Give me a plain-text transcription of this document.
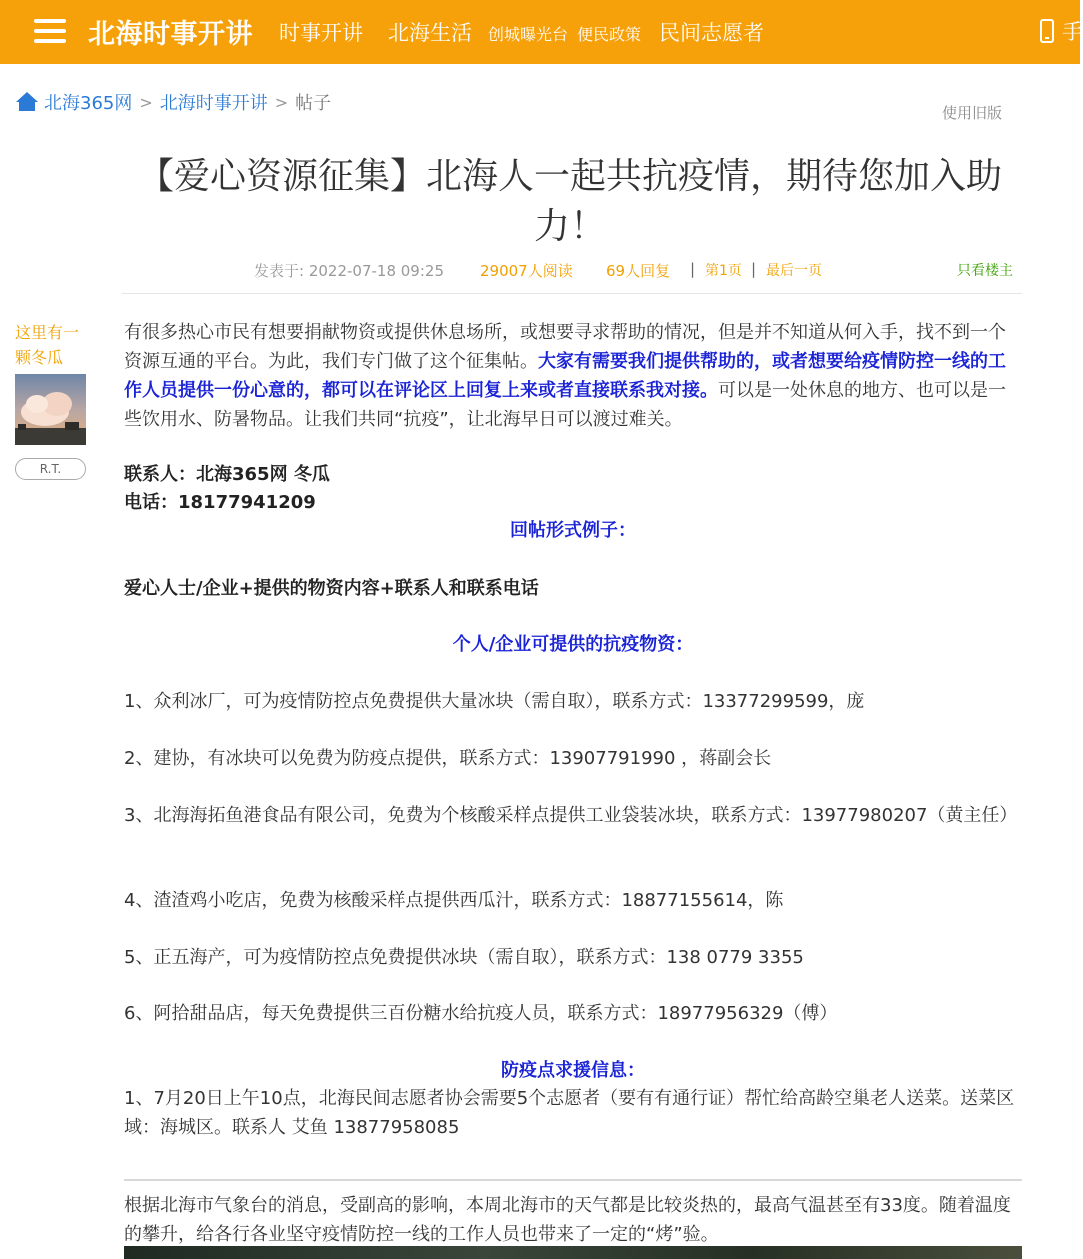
北海时事开讲 时事开讲 北海生活 创城曝光台 便民政策 民间志愿者	手
北海365网 > 北海时事开讲 > 帖子	使用旧版
【爱心资源征集】北海人一起共抗疫情，期待您加入助力！
发表于: 2022-07-18 09:25 29007人阅读 69人回复 | 第1页 | 最后一页	只看楼主
这里有一颗冬瓜
R.T.
有很多热心市民有想要捐献物资或提供休息场所，或想要寻求帮助的情况，但是并不知道从何入手，找不到一个资源互通的平台。为此，我们专门做了这个征集帖。大家有需要我们提供帮助的，或者想要给疫情防控一线的工作人员提供一份心意的，都可以在评论区上回复上来或者直接联系我对接。可以是一处休息的地方、也可以是一些饮用水、防暑物品。让我们共同“抗疫”，让北海早日可以渡过难关。
联系人：北海365网 冬瓜
电话：18177941209
回帖形式例子：
爱心人士/企业+提供的物资内容+联系人和联系电话
个人/企业可提供的抗疫物资：
1、众利冰厂，可为疫情防控点免费提供大量冰块（需自取），联系方式：13377299599，庞
2、建协，有冰块可以免费为防疫点提供，联系方式：13907791990 ，蒋副会长
3、北海海拓鱼港食品有限公司，免费为个核酸采样点提供工业袋装冰块，联系方式：13977980207（黄主任）
4、渣渣鸡小吃店，免费为核酸采样点提供西瓜汁，联系方式：18877155614，陈
5、正五海产，可为疫情防控点免费提供冰块（需自取），联系方式：138 0779 3355
6、阿拾甜品店，每天免费提供三百份糖水给抗疫人员，联系方式：18977956329（傅）
防疫点求援信息：
1、7月20日上午10点，北海民间志愿者协会需要5个志愿者（要有有通行证）帮忙给高龄空巢老人送菜。送菜区域：海城区。联系人 艾鱼 13877958085
根据北海市气象台的消息，受副高的影响，本周北海市的天气都是比较炎热的，最高气温甚至有33度。随着温度的攀升，给各行各业坚守疫情防控一线的工作人员也带来了一定的“烤”验。
